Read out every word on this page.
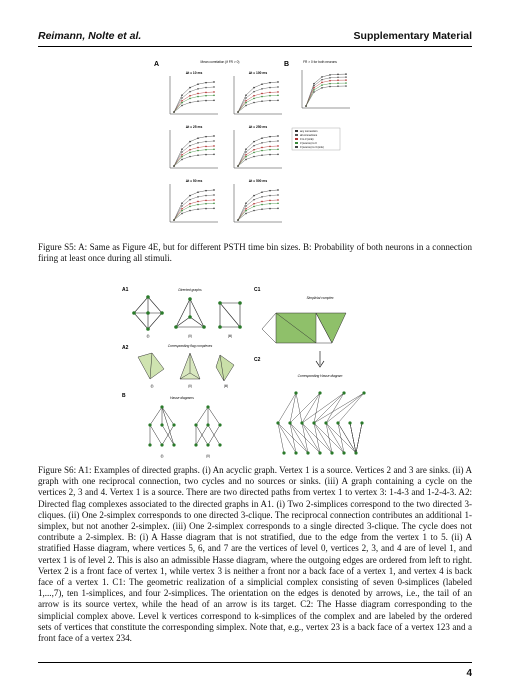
Reimann, Nolte et al.	Supplementary Material
A	B
Mean correlation (if FR > 0)	FR > 0 for both neurons
Δt = 10 ms	Δt = 100 ms
Δt = 25 ms	Δt = 250 ms
Δt = 50 ms	Δt = 500 ms
any connection
all connections
0 to 3 (sink)
3 (source) to 0
0 (source) to 3 (sink)
Figure S5: A: Same as Figure 4E, but for different PSTH time bin sizes. B: Probability of both neurons in a connection firing at least once during all stimuli.
A1
A2
B
C1
C2
Directed graphs
Corresponding flag complexes
Hasse diagrams
Simplicial complex
Corresponding Hasse diagram
(i)	(ii)	(iii)
(i)	(ii)	(iii)
(i)	(ii)
Figure S6: A1: Examples of directed graphs. (i) An acyclic graph. Vertex 1 is a source. Vertices 2 and 3 are sinks. (ii) A graph with one reciprocal connection, two cycles and no sources or sinks. (iii) A graph containing a cycle on the vertices 2, 3 and 4. Vertex 1 is a source. There are two directed paths from vertex 1 to vertex 3: 1-4-3 and 1-2-4-3. A2: Directed flag complexes associated to the directed graphs in A1. (i) Two 2-simplices correspond to the two directed 3-cliques. (ii) One 2-simplex corresponds to one directed 3-clique. The reciprocal connection contributes an additional 1-simplex, but not another 2-simplex. (iii) One 2-simplex corresponds to a single directed 3-clique. The cycle does not contribute a 2-simplex. B: (i) A Hasse diagram that is not stratified, due to the edge from the vertex 1 to 5. (ii) A stratified Hasse diagram, where vertices 5, 6, and 7 are the vertices of level 0, vertices 2, 3, and 4 are of level 1, and vertex 1 is of level 2. This is also an admissible Hasse diagram, where the outgoing edges are ordered from left to right. Vertex 2 is a front face of vertex 1, while vertex 3 is neither a front nor a back face of a vertex 1, and vertex 4 is back face of a vertex 1. C1: The geometric realization of a simplicial complex consisting of seven 0-simplices (labeled 1,...,7), ten 1-simplices, and four 2-simplices. The orientation on the edges is denoted by arrows, i.e., the tail of an arrow is its source vertex, while the head of an arrow is its target. C2: The Hasse diagram corresponding to the simplicial complex above. Level k vertices correspond to k-simplices of the complex and are labeled by the ordered sets of vertices that constitute the corresponding simplex. Note that, e.g., vertex 23 is a back face of a vertex 123 and a front face of a vertex 234.
4
